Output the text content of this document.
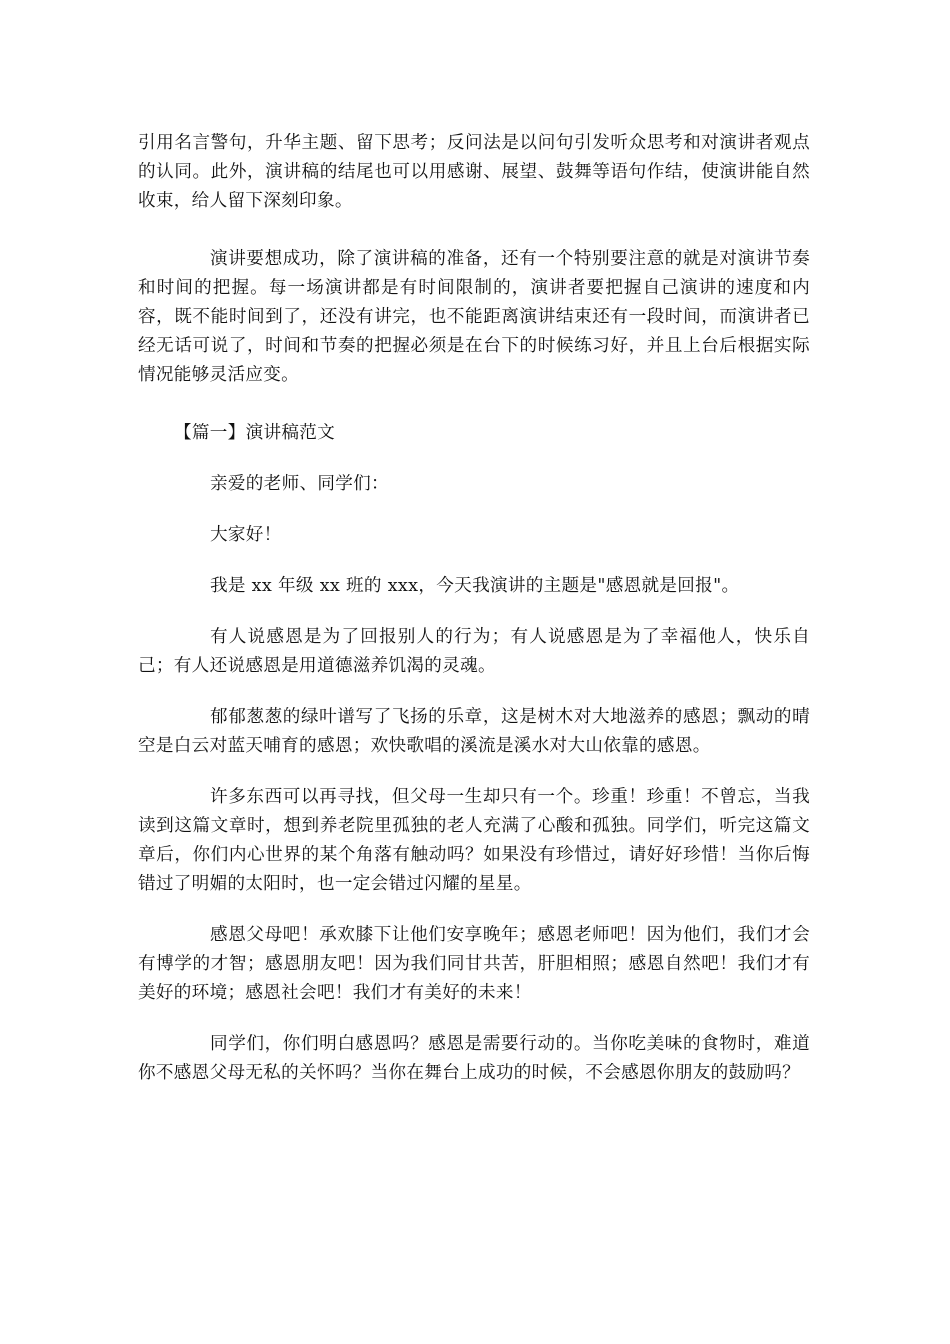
引用名言警句，升华主题、留下思考；反问法是以问句引发听众思考和对演讲者观点的认同。此外，演讲稿的结尾也可以用感谢、展望、鼓舞等语句作结，使演讲能自然收束，给人留下深刻印象。

演讲要想成功，除了演讲稿的准备，还有一个特别要注意的就是对演讲节奏和时间的把握。每一场演讲都是有时间限制的，演讲者要把握自己演讲的速度和内容，既不能时间到了，还没有讲完，也不能距离演讲结束还有一段时间，而演讲者已经无话可说了，时间和节奏的把握必须是在台下的时候练习好，并且上台后根据实际情况能够灵活应变。

【篇一】演讲稿范文

亲爱的老师、同学们：

大家好！

我是 xx 年级 xx 班的 xxx，今天我演讲的主题是"感恩就是回报"。

有人说感恩是为了回报别人的行为；有人说感恩是为了幸福他人，快乐自己；有人还说感恩是用道德滋养饥渴的灵魂。

郁郁葱葱的绿叶谱写了飞扬的乐章，这是树木对大地滋养的感恩；飘动的晴空是白云对蓝天哺育的感恩；欢快歌唱的溪流是溪水对大山依靠的感恩。

许多东西可以再寻找，但父母一生却只有一个。珍重！珍重！不曾忘，当我读到这篇文章时，想到养老院里孤独的老人充满了心酸和孤独。同学们，听完这篇文章后，你们内心世界的某个角落有触动吗？如果没有珍惜过，请好好珍惜！当你后悔错过了明媚的太阳时，也一定会错过闪耀的星星。

感恩父母吧！承欢膝下让他们安享晚年；感恩老师吧！因为他们，我们才会有博学的才智；感恩朋友吧！因为我们同甘共苦，肝胆相照；感恩自然吧！我们才有美好的环境；感恩社会吧！我们才有美好的未来！

同学们，你们明白感恩吗？感恩是需要行动的。当你吃美味的食物时，难道你不感恩父母无私的关怀吗？当你在舞台上成功的时候，不会感恩你朋友的鼓励吗？
